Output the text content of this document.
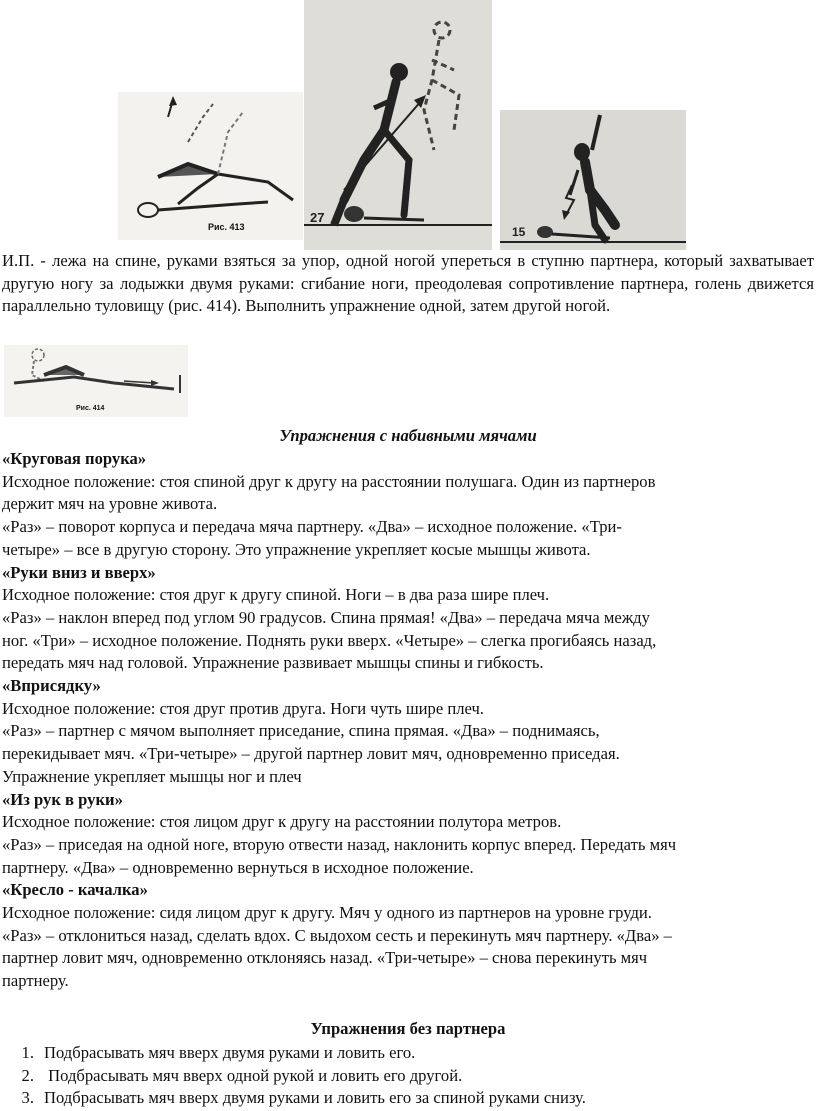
Рис. 413
27
15

И.П. - лежа на спине, руками взяться за упор, одной ногой упереться в ступню партнера, который захватывает другую ногу за лодыжки двумя руками: сгибание ноги, преодолевая сопротивление партнера, голень движется параллельно туловищу (рис. 414). Выполнить упражнение одной, затем другой ногой.

Рис. 414
Упражнения с набивными мячами
«Круговая порука»
Исходное положение: стоя спиной друг к другу на расстоянии полушага. Один из партнеров
держит мяч на уровне живота.
«Раз» – поворот корпуса и передача мяча партнеру. «Два» – исходное положение. «Три-
четыре» – все в другую сторону. Это упражнение укрепляет косые мышцы живота.
«Руки вниз и вверх»
Исходное положение: стоя друг к другу спиной. Ноги – в два раза шире плеч.
«Раз» – наклон вперед под углом 90 градусов. Спина прямая! «Два» – передача мяча между
ног. «Три» – исходное положение. Поднять руки вверх. «Четыре» – слегка прогибаясь назад,
передать мяч над головой. Упражнение развивает мышцы спины и гибкость.
«Вприсядку»
Исходное положение: стоя друг против друга. Ноги чуть шире плеч.
«Раз» – партнер с мячом выполняет приседание, спина прямая. «Два» – поднимаясь,
перекидывает мяч. «Три-четыре» – другой партнер ловит мяч, одновременно приседая.
Упражнение укрепляет мышцы ног и плеч
«Из рук в руки»
Исходное положение: стоя лицом друг к другу на расстоянии полутора метров.
«Раз» – приседая на одной ноге, вторую отвести назад, наклонить корпус вперед. Передать мяч
партнеру. «Два» – одновременно вернуться в исходное положение.
«Кресло - качалка»
Исходное положение: сидя лицом друг к другу. Мяч у одного из партнеров на уровне груди.
«Раз» – отклониться назад, сделать вдох. С выдохом сесть и перекинуть мяч партнеру. «Два» –
партнер ловит мяч, одновременно отклоняясь назад. «Три-четыре» – снова перекинуть мяч
партнеру.
Упражнения без партнера
1. Подбрасывать мяч вверх двумя руками и ловить его.
2. Подбрасывать мяч вверх одной рукой и ловить его другой.
3. Подбрасывать мяч вверх двумя руками и ловить его за спиной руками снизу.
